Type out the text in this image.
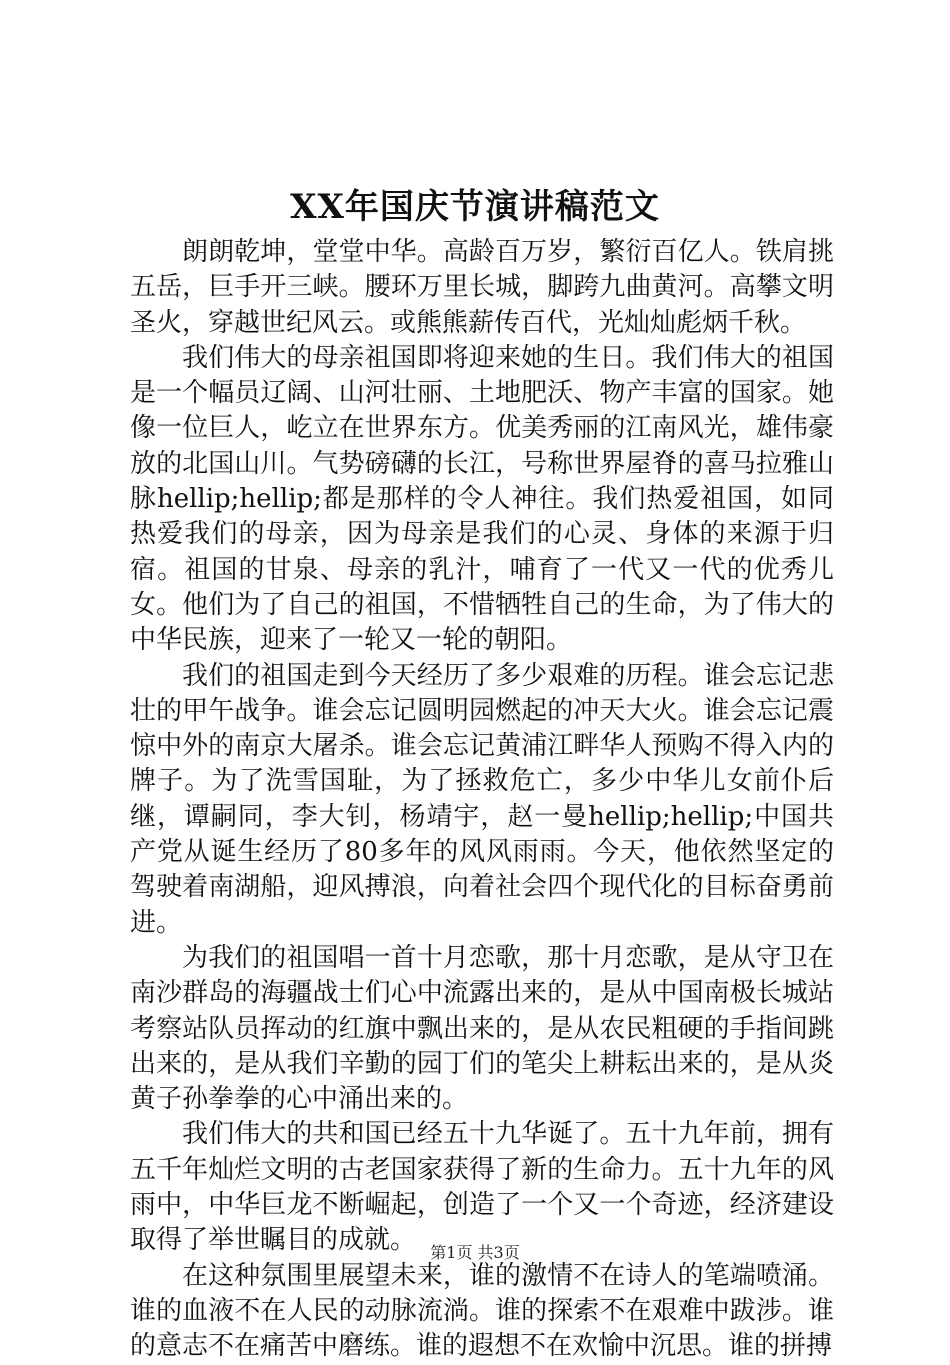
XX年国庆节演讲稿范文

朗朗乾坤，堂堂中华。高龄百万岁，繁衍百亿人。铁肩挑五岳，巨手开三峡。腰环万里长城，脚跨九曲黄河。高攀文明圣火，穿越世纪风云。或熊熊薪传百代，光灿灿彪炳千秋。

我们伟大的母亲祖国即将迎来她的生日。我们伟大的祖国是一个幅员辽阔、山河壮丽、土地肥沃、物产丰富的国家。她像一位巨人，屹立在世界东方。优美秀丽的江南风光，雄伟豪放的北国山川。气势磅礴的长江，号称世界屋脊的喜马拉雅山脉hellip;hellip;都是那样的令人神往。我们热爱祖国，如同热爱我们的母亲，因为母亲是我们的心灵、身体的来源于归宿。祖国的甘泉、母亲的乳汁，哺育了一代又一代的优秀儿女。他们为了自己的祖国，不惜牺牲自己的生命，为了伟大的中华民族，迎来了一轮又一轮的朝阳。

我们的祖国走到今天经历了多少艰难的历程。谁会忘记悲壮的甲午战争。谁会忘记圆明园燃起的冲天大火。谁会忘记震惊中外的南京大屠杀。谁会忘记黄浦江畔华人预购不得入内的牌子。为了洗雪国耻，为了拯救危亡，多少中华儿女前仆后继，谭嗣同，李大钊，杨靖宇，赵一曼hellip;hellip;中国共产党从诞生经历了80多年的风风雨雨。今天，他依然坚定的驾驶着南湖船，迎风搏浪，向着社会四个现代化的目标奋勇前进。

为我们的祖国唱一首十月恋歌，那十月恋歌，是从守卫在南沙群岛的海疆战士们心中流露出来的，是从中国南极长城站考察站队员挥动的红旗中飘出来的，是从农民粗硬的手指间跳出来的，是从我们辛勤的园丁们的笔尖上耕耘出来的，是从炎黄子孙拳拳的心中涌出来的。

我们伟大的共和国已经五十九华诞了。五十九年前，拥有五千年灿烂文明的古老国家获得了新的生命力。五十九年的风雨中，中华巨龙不断崛起，创造了一个又一个奇迹，经济建设取得了举世瞩目的成就。

在这种氛围里展望未来，谁的激情不在诗人的笔端喷涌。谁的血液不在人民的动脉流淌。谁的探索不在艰难中跋涉。谁的意志不在痛苦中磨练。谁的遐想不在欢愉中沉思。谁的拼搏

第1页 共3页
